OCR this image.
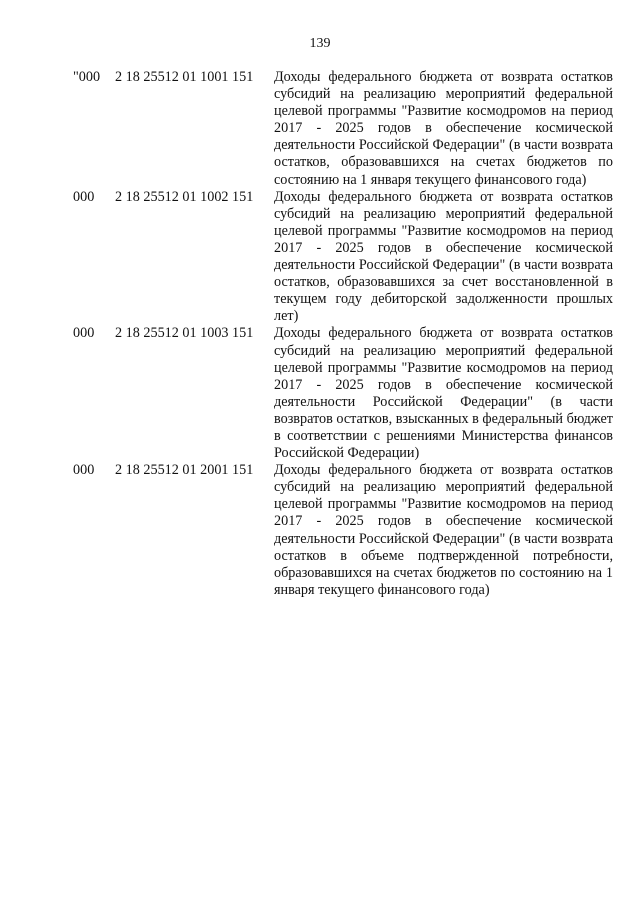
139
"000	2 18 25512 01 1001 151	Доходы федерального бюджета от возврата остатков субсидий на реализацию мероприятий федеральной целевой программы "Развитие космодромов на период 2017 - 2025 годов в обеспечение космической деятельности Российской Федерации" (в части возврата остатков, образовавшихся на счетах бюджетов по состоянию на 1 января текущего финансового года)
000	2 18 25512 01 1002 151	Доходы федерального бюджета от возврата остатков субсидий на реализацию мероприятий федеральной целевой программы "Развитие космодромов на период 2017 - 2025 годов в обеспечение космической деятельности Российской Федерации" (в части возврата остатков, образовавшихся за счет восстановленной в текущем году дебиторской задолженности прошлых лет)
000	2 18 25512 01 1003 151	Доходы федерального бюджета от возврата остатков субсидий на реализацию мероприятий федеральной целевой программы "Развитие космодромов на период 2017 - 2025 годов в обеспечение космической деятельности Российской Федерации" (в части возвратов остатков, взысканных в федеральный бюджет в соответствии с решениями Министерства финансов Российской Федерации)
000	2 18 25512 01 2001 151	Доходы федерального бюджета от возврата остатков субсидий на реализацию мероприятий федеральной целевой программы "Развитие космодромов на период 2017 - 2025 годов в обеспечение космической деятельности Российской Федерации" (в части возврата остатков в объеме подтвержденной потребности, образовавшихся на счетах бюджетов по состоянию на 1 января текущего финансового года)
